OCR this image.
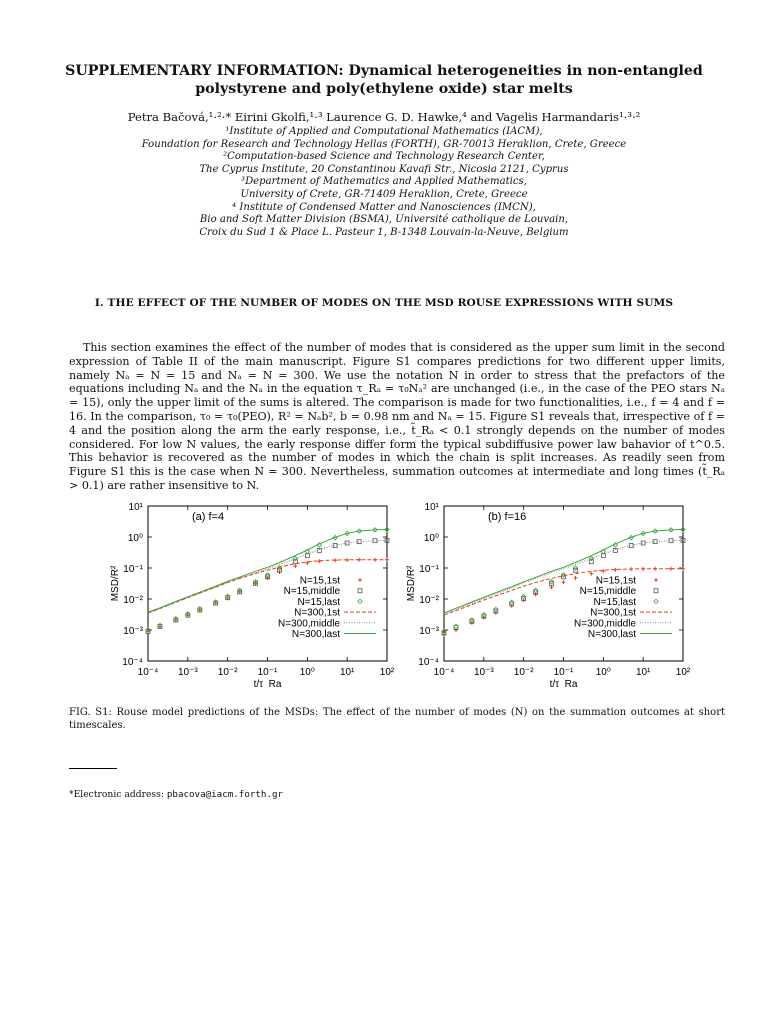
SUPPLEMENTARY INFORMATION: Dynamical heterogeneities in non-entangled
polystyrene and poly(ethylene oxide) star melts
Petra Bačová,¹·²·* Eirini Gkolfi,¹·³ Laurence G. D. Hawke,⁴ and Vagelis Harmandaris¹·³·²
¹Institute of Applied and Computational Mathematics (IACM),
Foundation for Research and Technology Hellas (FORTH), GR-70013 Heraklion, Crete, Greece
²Computation-based Science and Technology Research Center,
The Cyprus Institute, 20 Constantinou Kavafi Str., Nicosia 2121, Cyprus
³Department of Mathematics and Applied Mathematics,
University of Crete, GR-71409 Heraklion, Crete, Greece
⁴ Institute of Condensed Matter and Nanosciences (IMCN),
Bio and Soft Matter Division (BSMA), Université catholique de Louvain,
Croix du Sud 1 & Place L. Pasteur 1, B-1348 Louvain-la-Neuve, Belgium
I. THE EFFECT OF THE NUMBER OF MODES ON THE MSD ROUSE EXPRESSIONS WITH SUMS

This section examines the effect of the number of modes that is considered as the upper sum limit in the second expression of Table II of the main manuscript. Figure S1 compares predictions for two different upper limits, namely Nₐ = N = 15 and Nₐ = N = 300. We use the notation N in order to stress that the prefactors of the equations including Nₐ and the Nₐ in the equation τ_Rₐ = τ₀Nₐ² are unchanged (i.e., in the case of the PEO stars Nₐ = 15), only the upper limit of the sums is altered. The comparison is made for two functionalities, i.e., f = 4 and f = 16. In the comparison, τ₀ = τ₀(PEO), R² = Nₐb², b = 0.98 nm and Nₐ = 15. Figure S1 reveals that, irrespective of f = 4 and the position along the arm the early response, i.e., t̃_Rₐ < 0.1 strongly depends on the number of modes considered. For low N values, the early response differ form the typical subdiffusive power law bahavior of t^0.5. This behavior is recovered as the number of modes in which the chain is split increases. As readily seen from Figure S1 this is the case when N = 300. Nevertheless, summation outcomes at intermediate and long times (t̃_Rₐ > 0.1) are rather insensitive to N.

10⁻⁴ 10⁻³ 10⁻² 10⁻¹ 10⁰	10¹	10²
10⁻⁴
10⁻³
10⁻²
10⁻¹
10⁰
10¹
t/τ_Ra
MSD/R²
(a) f=4
N=15,1st
N=15,middle
N=15,last
N=300,1st
N=300,middle
N=300,last
10⁻⁴ 10⁻³ 10⁻² 10⁻¹ 10⁰	10¹	10²
10⁻⁴
10⁻³
10⁻²
10⁻¹
10⁰
10¹
t/τ_Ra
MSD/R²
(b) f=16
N=15,1st
N=15,middle
N=15,last
N=300,1st
N=300,middle
N=300,last
FIG. S1: Rouse model predictions of the MSDs: The effect of the number of modes (N) on the summation outcomes at short timescales.
*Electronic address: pbacova@iacm.forth.gr
